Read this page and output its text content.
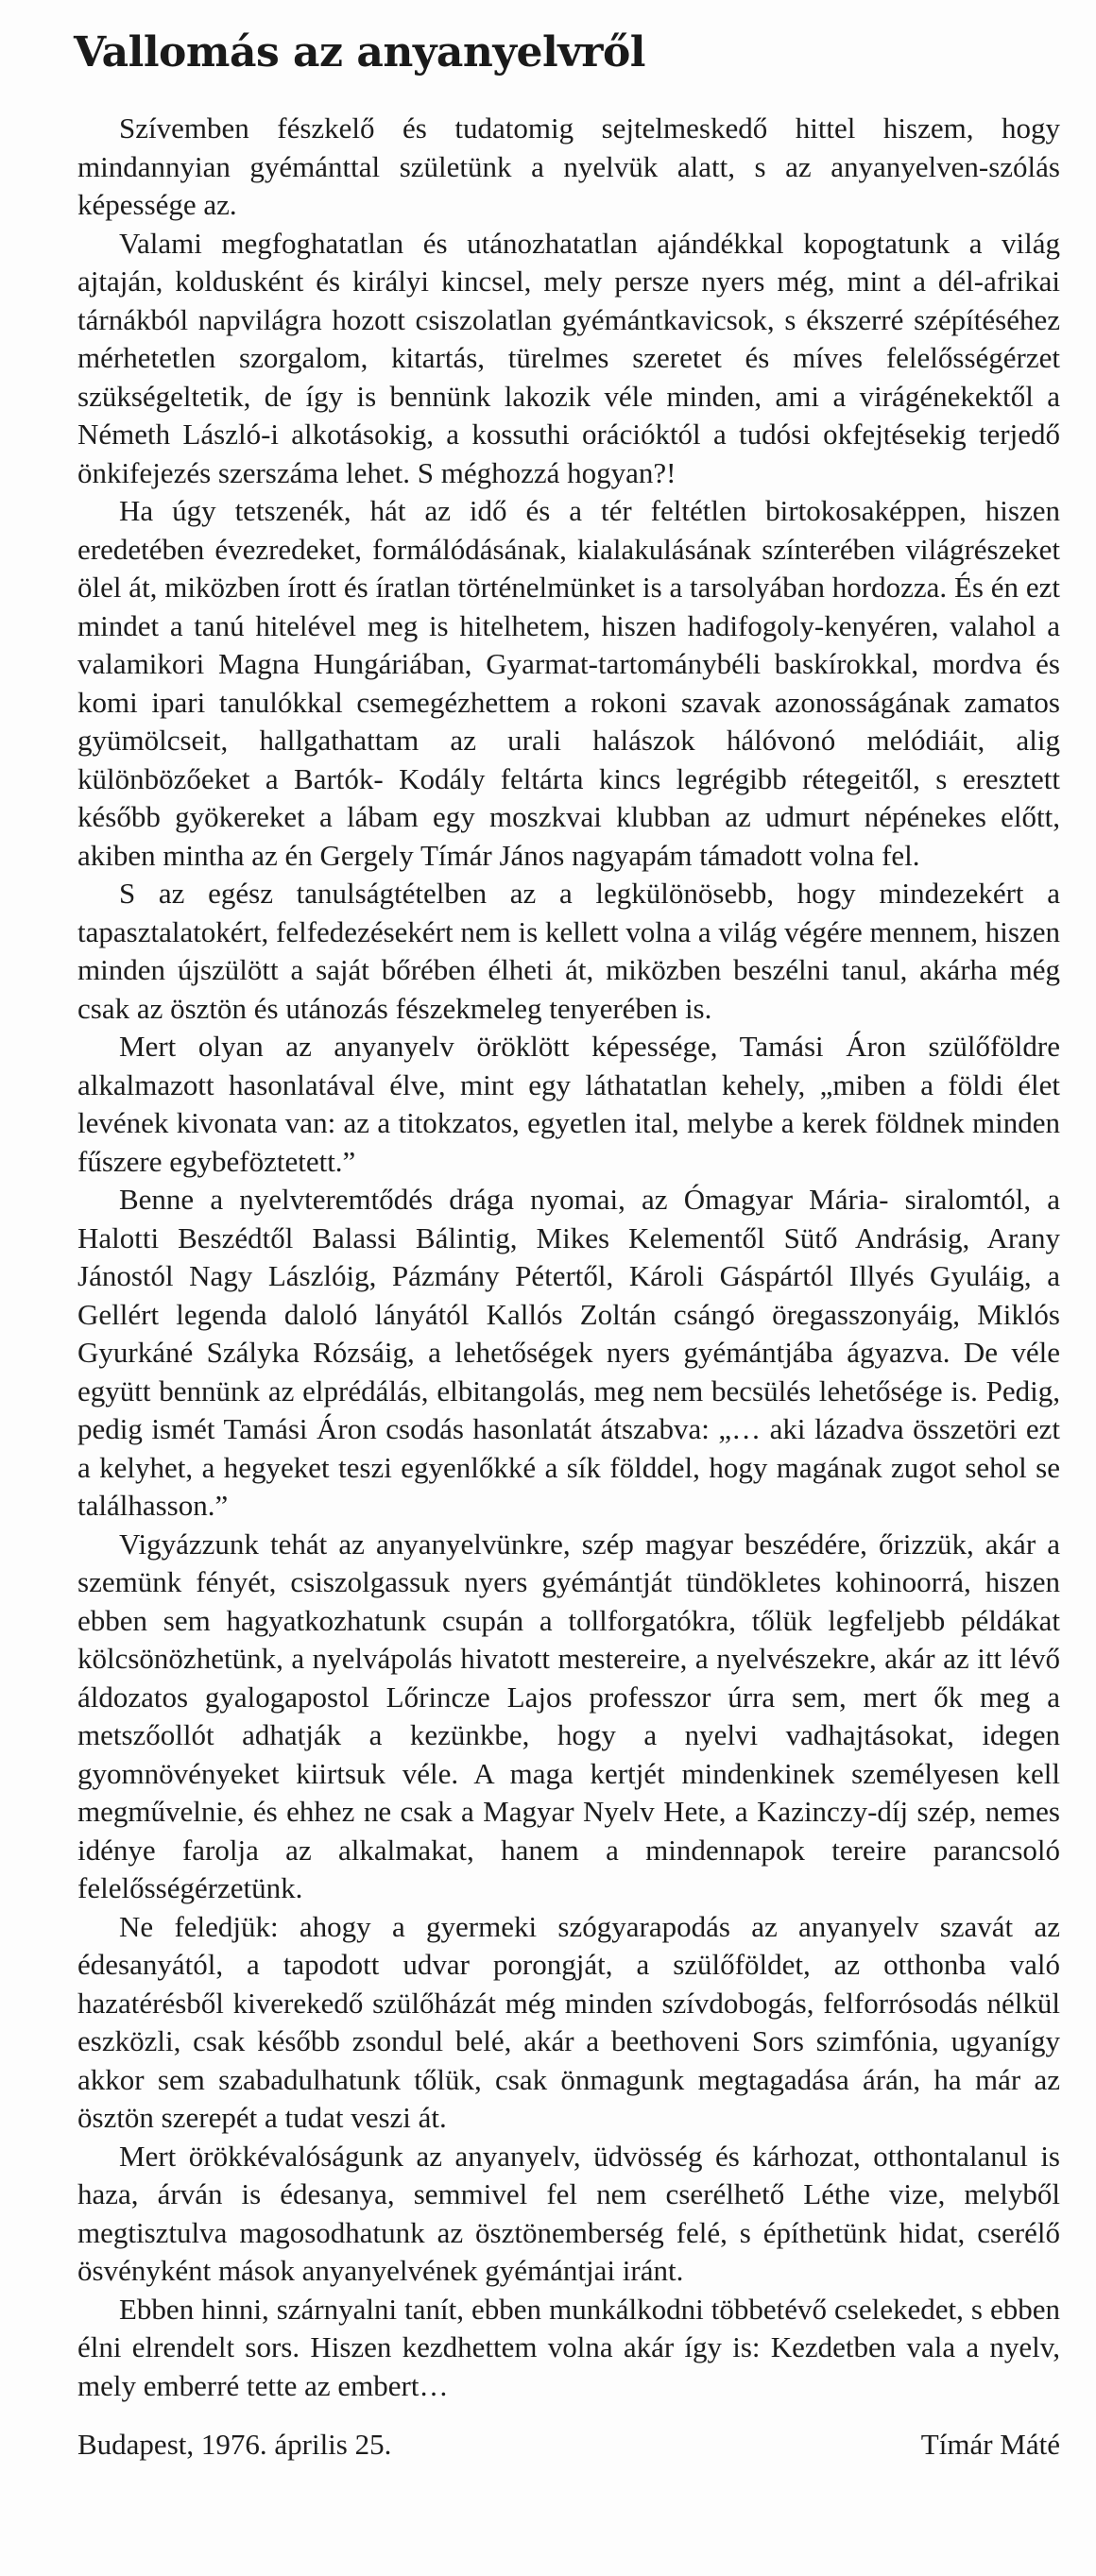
Vallomás az anyanyelvről

Szívemben fészkelő és tudatomig sejtelmeskedő hittel hiszem, hogy mindannyian gyémánttal születünk a nyelvük alatt, s az anyanyelven-szólás képessége az.

Valami megfoghatatlan és utánozhatatlan ajándékkal kopogtatunk a világ ajtaján, koldusként és királyi kincsel, mely persze nyers még, mint a dél-afrikai tárnákból napvilágra hozott csiszolatlan gyémántkavicsok, s ékszerré szépítéséhez mérhetetlen szorgalom, kitartás, türelmes szeretet és míves felelősségérzet szükségeltetik, de így is bennünk lakozik véle minden, ami a virágénekektől a Németh László-i alkotásokig, a kossuthi orációktól a tudósi okfejtésekig terjedő önkifejezés szerszáma lehet. S méghozzá hogyan?!

Ha úgy tetszenék, hát az idő és a tér feltétlen birtokosaképpen, hiszen eredetében évezredeket, formálódásának, kialakulásának színterében világrészeket ölel át, miközben írott és íratlan történelmünket is a tarsolyában hordozza. És én ezt mindet a tanú hitelével meg is hitelhetem, hiszen hadifogoly-kenyéren, valahol a valamikori Magna Hungáriában, Gyarmat-tartománybéli baskírokkal, mordva és komi ipari tanulókkal csemegézhettem a rokoni szavak azonosságának zamatos gyümölcseit, hallgathattam az urali halászok hálóvonó melódiáit, alig különbözőeket a Bartók- Kodály feltárta kincs legrégibb rétegeitől, s eresztett később gyökereket a lábam egy moszkvai klubban az udmurt népénekes előtt, akiben mintha az én Gergely Tímár János nagyapám támadott volna fel.

S az egész tanulságtételben az a legkülönösebb, hogy mindezekért a tapasztalatokért, felfedezésekért nem is kellett volna a világ végére mennem, hiszen minden újszülött a saját bőrében élheti át, miközben beszélni tanul, akárha még csak az ösztön és utánozás fészekmeleg tenyerében is.

Mert olyan az anyanyelv öröklött képessége, Tamási Áron szülőföldre alkalmazott hasonlatával élve, mint egy láthatatlan kehely, „miben a földi élet levének kivonata van: az a titokzatos, egyetlen ital, melybe a kerek földnek minden fűszere egybeföztetett.”

Benne a nyelvteremtődés drága nyomai, az Ómagyar Mária- siralomtól, a Halotti Beszédtől Balassi Bálintig, Mikes Kelementől Sütő Andrásig, Arany Jánostól Nagy Lászlóig, Pázmány Pétertől, Károli Gáspártól Illyés Gyuláig, a Gellért legenda daloló lányától Kallós Zoltán csángó öregasszonyáig, Miklós Gyurkáné Szályka Rózsáig, a lehetőségek nyers gyémántjába ágyazva. De véle együtt bennünk az elprédálás, elbitangolás, meg nem becsülés lehetősége is. Pedig, pedig ismét Tamási Áron csodás hasonlatát átszabva: „… aki lázadva összetöri ezt a kelyhet, a hegyeket teszi egyenlőkké a sík földdel, hogy magának zugot sehol se találhasson.”

Vigyázzunk tehát az anyanyelvünkre, szép magyar beszédére, őrizzük, akár a szemünk fényét, csiszolgassuk nyers gyémántját tündökletes kohinoorrá, hiszen ebben sem hagyatkozhatunk csupán a tollforgatókra, tőlük legfeljebb példákat kölcsönözhetünk, a nyelvápolás hivatott mestereire, a nyelvészekre, akár az itt lévő áldozatos gyalogapostol Lőrincze Lajos professzor úrra sem, mert ők meg a metszőollót adhatják a kezünkbe, hogy a nyelvi vadhajtásokat, idegen gyomnövényeket kiirtsuk véle. A maga kertjét mindenkinek személyesen kell megművelnie, és ehhez ne csak a Magyar Nyelv Hete, a Kazinczy-díj szép, nemes idénye farolja az alkalmakat, hanem a mindennapok tereire parancsoló felelősségérzetünk.

Ne feledjük: ahogy a gyermeki szógyarapodás az anyanyelv szavát az édesanyától, a tapodott udvar porongját, a szülőföldet, az otthonba való hazatérésből kiverekedő szülőházát még minden szívdobogás, felforrósodás nélkül eszközli, csak később zsondul belé, akár a beethoveni Sors szimfónia, ugyanígy akkor sem szabadulhatunk tőlük, csak önmagunk megtagadása árán, ha már az ösztön szerepét a tudat veszi át.

Mert örökkévalóságunk az anyanyelv, üdvösség és kárhozat, otthontalanul is haza, árván is édesanya, semmivel fel nem cserélhető Léthe vize, melyből megtisztulva magosodhatunk az ösztönemberség felé, s építhetünk hidat, cserélő ösvényként mások anyanyelvének gyémántjai iránt.

Ebben hinni, szárnyalni tanít, ebben munkálkodni többetévő cselekedet, s ebben élni elrendelt sors. Hiszen kezdhettem volna akár így is: Kezdetben vala a nyelv, mely emberré tette az embert…

Budapest, 1976. április 25.	Tímár Máté
